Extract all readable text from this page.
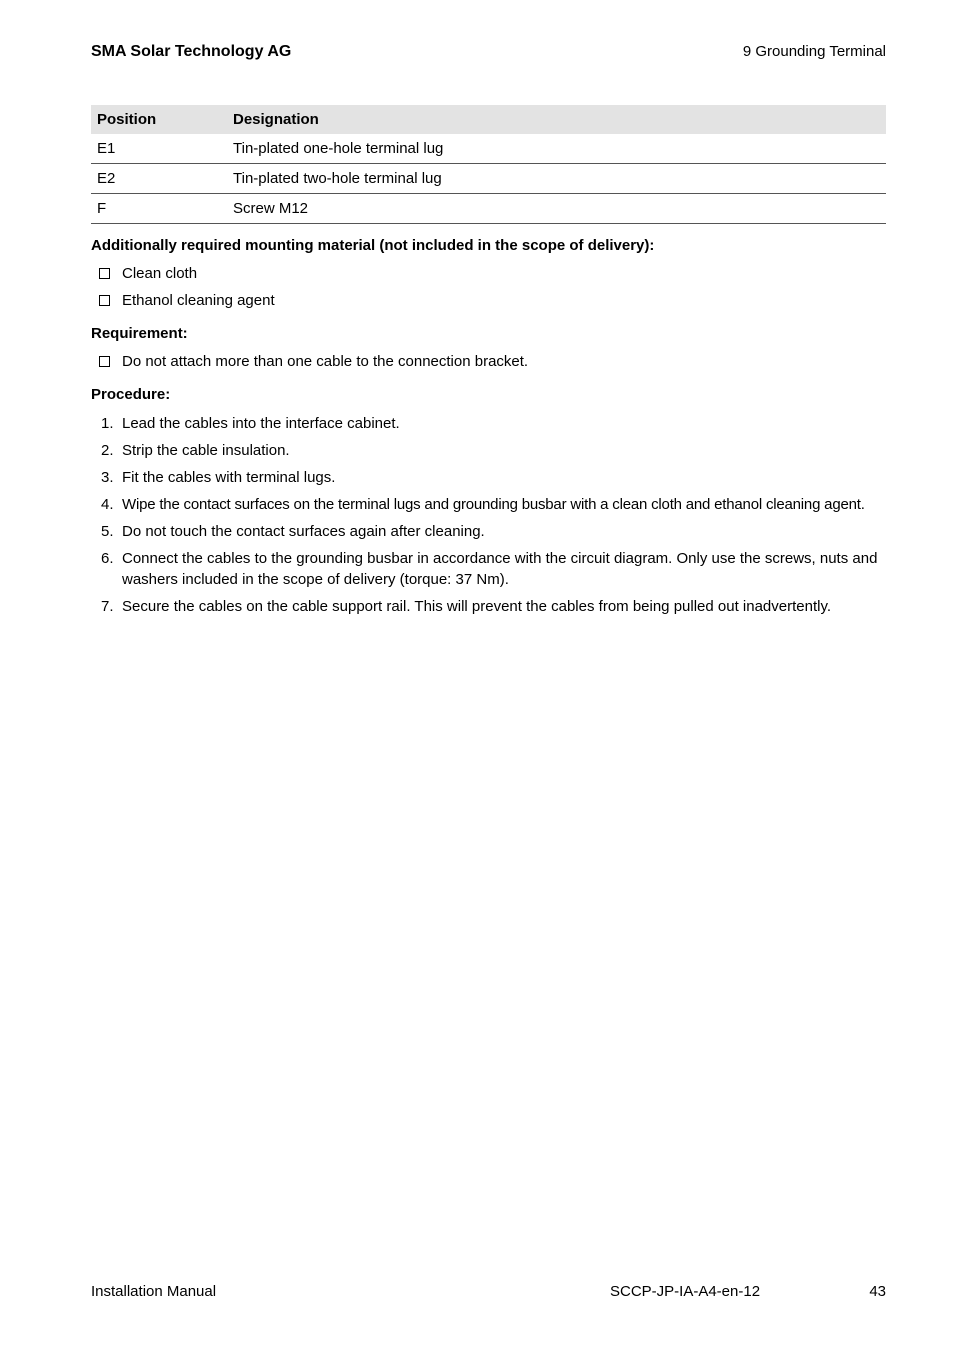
SMA Solar Technology AG	9 Grounding Terminal
Position	Designation
E1	Tin-plated one-hole terminal lug
E2	Tin-plated two-hole terminal lug
F	Screw M12
Additionally required mounting material (not included in the scope of delivery):
Clean cloth
Ethanol cleaning agent
Requirement:
Do not attach more than one cable to the connection bracket.
Procedure:
1. Lead the cables into the interface cabinet.
2. Strip the cable insulation.
3. Fit the cables with terminal lugs.
4. Wipe the contact surfaces on the terminal lugs and grounding busbar with a clean cloth and ethanol cleaning agent.
5. Do not touch the contact surfaces again after cleaning.
6. Connect the cables to the grounding busbar in accordance with the circuit diagram. Only use the screws, nuts and washers included in the scope of delivery (torque: 37 Nm).
7. Secure the cables on the cable support rail. This will prevent the cables from being pulled out inadvertently.
Installation Manual	SCCP-JP-IA-A4-en-12	43
